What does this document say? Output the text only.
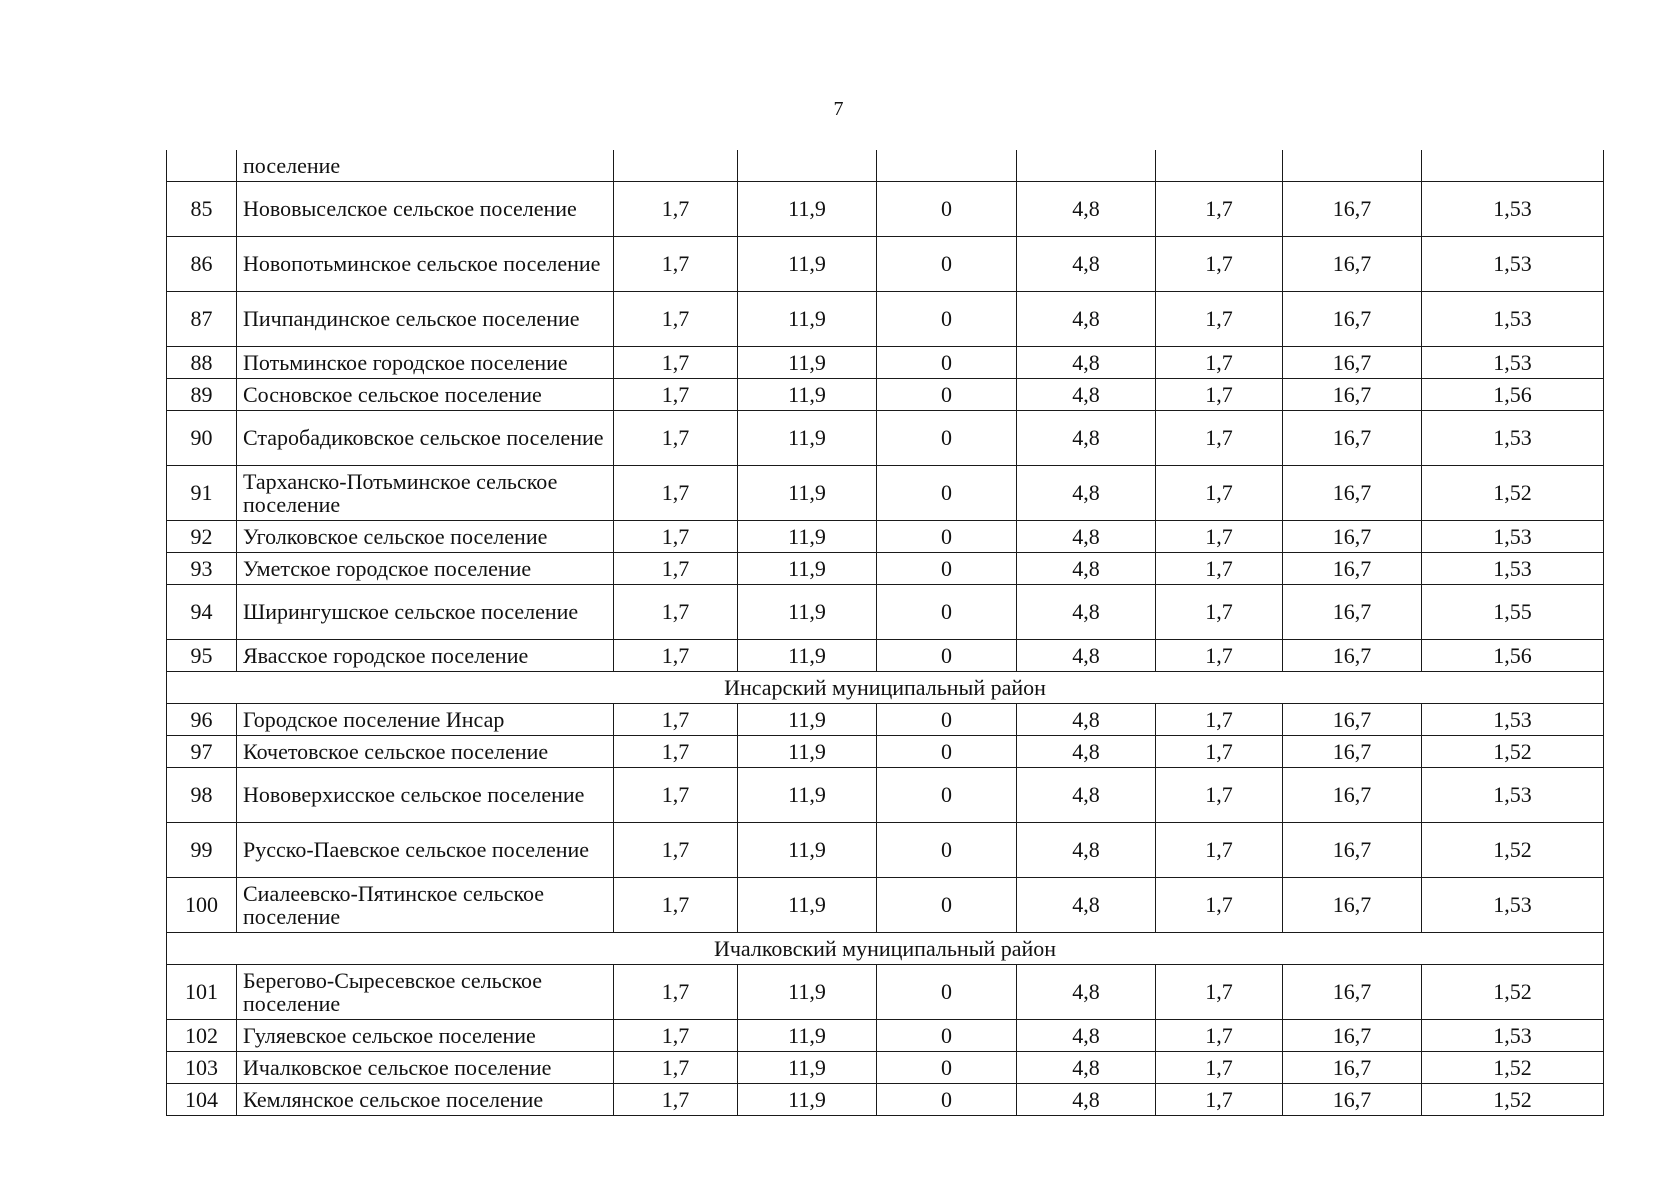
7
	поселение							
85	Нововыселское сельское поселение	1,7	11,9	0	4,8	1,7	16,7	1,53
86	Новопотьминское сельское поселение	1,7	11,9	0	4,8	1,7	16,7	1,53
87	Пичпандинское сельское поселение	1,7	11,9	0	4,8	1,7	16,7	1,53
88	Потьминское городское поселение	1,7	11,9	0	4,8	1,7	16,7	1,53
89	Сосновское сельское поселение	1,7	11,9	0	4,8	1,7	16,7	1,56
90	Старобадиковское сельское поселение	1,7	11,9	0	4,8	1,7	16,7	1,53
91	Тарханско-Потьминское сельское поселение	1,7	11,9	0	4,8	1,7	16,7	1,52
92	Уголковское сельское поселение	1,7	11,9	0	4,8	1,7	16,7	1,53
93	Уметское городское поселение	1,7	11,9	0	4,8	1,7	16,7	1,53
94	Ширингушское сельское поселение	1,7	11,9	0	4,8	1,7	16,7	1,55
95	Явасское городское поселение	1,7	11,9	0	4,8	1,7	16,7	1,56
Инсарский муниципальный район								
96	Городское поселение Инсар	1,7	11,9	0	4,8	1,7	16,7	1,53
97	Кочетовское сельское поселение	1,7	11,9	0	4,8	1,7	16,7	1,52
98	Нововерхисское сельское поселение	1,7	11,9	0	4,8	1,7	16,7	1,53
99	Русско-Паевское сельское поселение	1,7	11,9	0	4,8	1,7	16,7	1,52
100	Сиалеевско-Пятинское сельское поселение	1,7	11,9	0	4,8	1,7	16,7	1,53
Ичалковский муниципальный район								
101	Берегово-Сыресевское сельское поселение	1,7	11,9	0	4,8	1,7	16,7	1,52
102	Гуляевское сельское поселение	1,7	11,9	0	4,8	1,7	16,7	1,53
103	Ичалковское сельское поселение	1,7	11,9	0	4,8	1,7	16,7	1,52
104	Кемлянское сельское поселение	1,7	11,9	0	4,8	1,7	16,7	1,52
